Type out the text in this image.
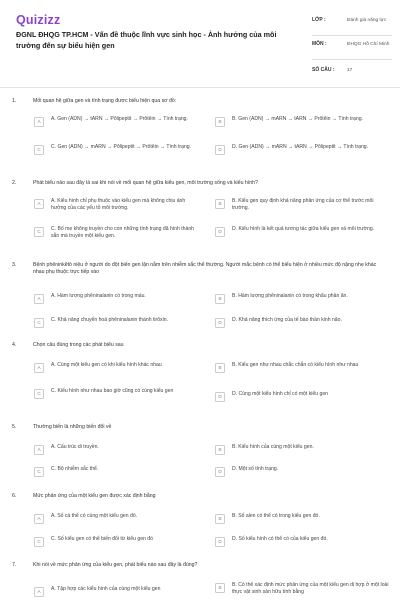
Quizizz
ĐGNL ĐHQG TP.HCM - Vấn đề thuộc lĩnh vực sinh học - Ảnh hưởng của môi trường đến sự biểu hiện gen
LỚP :	Đánh giá năng lực
MÔN :	ĐHQG Hồ Chí Minh
SỐ CÂU :	17
1.	Mối quan hệ giữa gen và tính trạng được biểu hiện qua sơ đồ:
A	A. Gen (ADN) → tARN → Pôlipeptit → Prôtêin → Tính trạng.	B	B. Gen (ADN) → mARN → tARN → Prôtêin → Tính trạng.
C	C. Gen (ADN) → mARN → Pôlipeptit → Prôtêin → Tính trạng.	D	D. Gen (ADN) → mARN → tARN → Pôlipeptit → Tính trạng.
2.	Phát biểu nào sau đây là sai khi nói về mối quan hệ giữa kiểu gen, môi trường sống và kiểu hình?
A	A. Kiểu hình chỉ phụ thuộc vào kiểu gen mà không chịu ảnh hưởng của các yếu tố môi trường.
B	B. Kiểu gen quy định khả năng phản ứng của cơ thể trước môi trường.
C	C. Bố mẹ không truyền cho con những tính trạng đã hình thành sẵn mà truyền một kiểu gen.
D	D. Kiểu hình là kết quả tương tác giữa kiểu gen và môi trường.
3.	Bệnh phêninkêtô niệu ở người do đột biến gen lặn nằm trên nhiễm sắc thể thường. Người mắc bệnh có thể biểu hiện ở nhiều mức độ nặng nhẹ khác nhau phụ thuộc trực tiếp vào
A	A. Hàm lượng phêninalanin có trong máu.	B	B. Hàm lượng phêninalanin có trong khẩu phần ăn.
C	C. Khả năng chuyển hoá phêninalanin thành tirôxin.	D	D. Khả năng thích ứng của tế bào thần kinh não.
4.	Chọn câu đúng trong các phát biểu sau
A	A. Cùng một kiểu gen có khi kiểu hình khác nhau	B	B. Kiểu gen như nhau chắc chắn có kiểu hình như nhau
C	C. Kiểu hình như nhau bao giờ cũng có cùng kiểu gen
D	D. Cùng một kiểu hình chỉ có một kiểu gen
5.	Thường biến là những biến đổi về
A	A. Cấu trúc di truyền.	B	B. Kiểu hình của cùng một kiểu gen.
C	C. Bộ nhiễm sắc thể.	D	D. Một số tính trạng.
6.	Mức phản ứng của một kiểu gen được xác định bằng
A	A. Số cá thể có cùng một kiểu gen đó.	B	B. Số alen có thể có trong kiểu gen đó.
C	C. Số kiểu gen có thể biến đổi từ kiểu gen đó	D	D. Số kiểu hình có thể có của kiểu gen đó.
7.	Khi nói về mức phản ứng của kiểu gen, phát biểu nào sau đây là đúng?
A	A. Tập hợp các kiểu hình của cùng một kiểu gen	B	B. Có thể xác định mức phản ứng của một kiểu gen dị hợp ở một loài thực vật sinh sản hữu tính bằng
